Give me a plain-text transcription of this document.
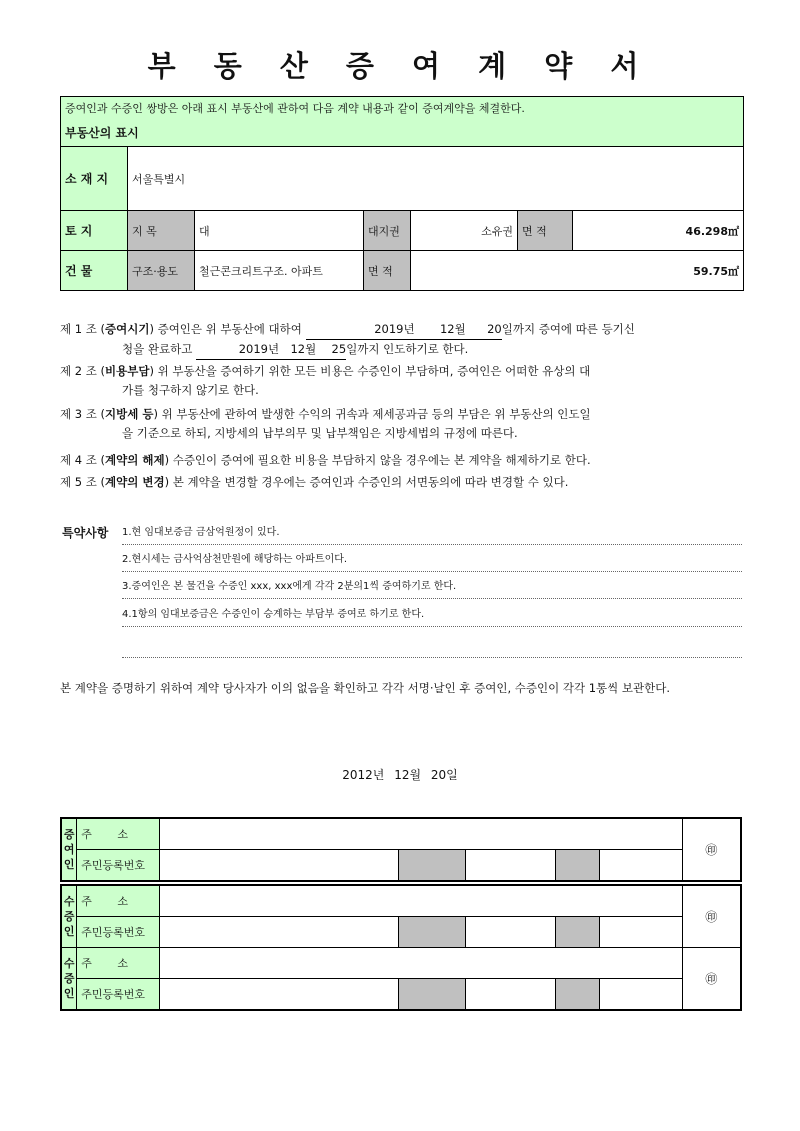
부 동 산 증 여 계 약 서
증여인과 수증인 쌍방은 아래 표시 부동산에 관하여 다음 계약 내용과 같이 증여계약을 체결한다.						
부동산의 표시						
소 재 지	서울특별시					
토 지	지 목	대	대지권	소유권	면 적	46.298㎡
건 물	구조·용도	철근콘크리트구조. 아파트	면 적	59.75㎡		
제 1 조 (증여시기) 증여인은 위 부동산에 대하여	2019년 12월 20일까지 증여에 따른 등기신
청을 완료하고	2019년 12월 25일까지 인도하기로 한다.
제 2 조 (비용부담) 위 부동산을 증여하기 위한 모든 비용은 수증인이 부담하며, 증여인은 어떠한 유상의 대
가를 청구하지 않기로 한다.
제 3 조 (지방세 등) 위 부동산에 관하여 발생한 수익의 귀속과 제세공과금 등의 부담은 위 부동산의 인도일
을 기준으로 하되, 지방세의 납부의무 및 납부책임은 지방세법의 규정에 따른다.
제 4 조 (계약의 해제) 수증인이 증여에 필요한 비용을 부담하지 않을 경우에는 본 계약을 해제하기로 한다.
제 5 조 (계약의 변경) 본 계약을 변경할 경우에는 증여인과 수증인의 서면동의에 따라 변경할 수 있다.
특약사항 1.현 임대보증금 금삼억원정이 있다.
2.현시세는 금사억삼천만원에 해당하는 아파트이다.
3.증여인은 본 물건을 수증인 xxx, xxx에게 각각 2분의1씩 증여하기로 한다.
4.1항의 임대보증금은 수증인이 승계하는 부담부 증여로 하기로 한다.
본 계약을 증명하기 위하여 계약 당사자가 이의 없음을 확인하고 각각 서명·날인 후 증여인, 수증인이 각각 1통씩 보관한다.
2012년 12월 20일
증
여
인	주 소						㊞
	주민등록번호						
수
증
인	주 소						㊞
	주민등록번호						
수
증
인	주 소						㊞
	주민등록번호						
